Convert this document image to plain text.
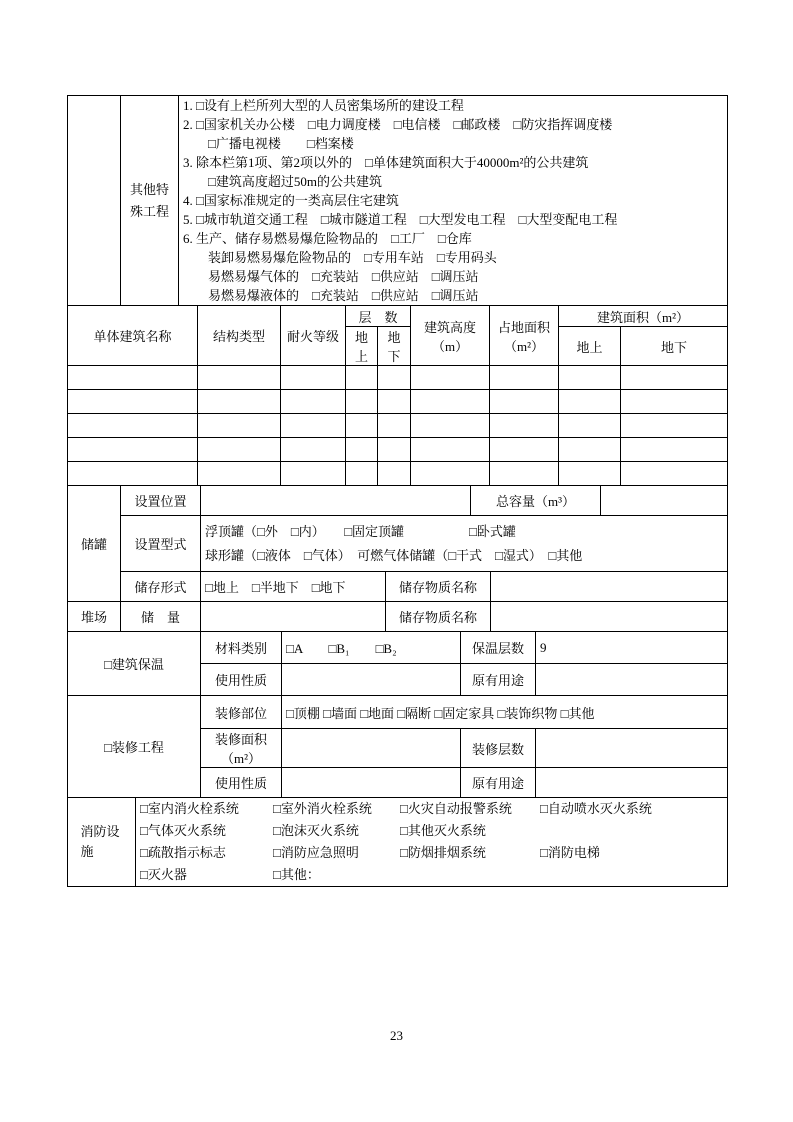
	其他特殊工程	
1. □设有上栏所列大型的人员密集场所的建设工程
2. □国家机关办公楼　□电力调度楼　□电信楼　□邮政楼　□防灾指挥调度楼
□广播电视楼　　□档案楼
3. 除本栏第1项、第2项以外的　□单体建筑面积大于40000m²的公共建筑
□建筑高度超过50m的公共建筑
4. □国家标准规定的一类高层住宅建筑
5. □城市轨道交通工程　□城市隧道工程　□大型发电工程　□大型变配电工程
6. 生产、储存易燃易爆危险物品的　□工厂　□仓库
装卸易燃易爆危险物品的　□专用车站　□专用码头
易燃易爆气体的　□充装站　□供应站　□调压站
易燃易爆液体的　□充装站　□供应站　□调压站
单体建筑名称	结构类型	耐火等级	层　数		建筑高度（m）	占地面积（m²）	建筑面积（m²）	
			地上	地下			地上	地下

储罐	设置位置			总容量（m³）		
	设置型式	浮顶罐（□外　□内）　　□固定顶罐　　　　　□卧式罐
球形罐（□液体　□气体）　可燃气体储罐（□干式　□湿式）　□其他				

	储存形式	□地上　□半地下　□地下	储存物质名称			
堆场	储　量		储存物质名称	
□建筑保温	材料类别	□A　　□B₁　　□B₂	保温层数	9
	使用性质		原有用途	
□装修工程	装修部位	□顶棚 □墙面 □地面 □隔断 □固定家具 □装饰织物 □其他		
	装修面积（m²）		装修层数	
	使用性质		原有用途	
消防设施

□室内消火栓系统	□室外消火栓系统	□火灾自动报警系统	□自动喷水灭火系统
□气体灭火系统	□泡沫灭火系统	□其他灭火系统
□疏散指示标志	□消防应急照明	□防烟排烟系统	□消防电梯
□灭火器	□其他：
23
